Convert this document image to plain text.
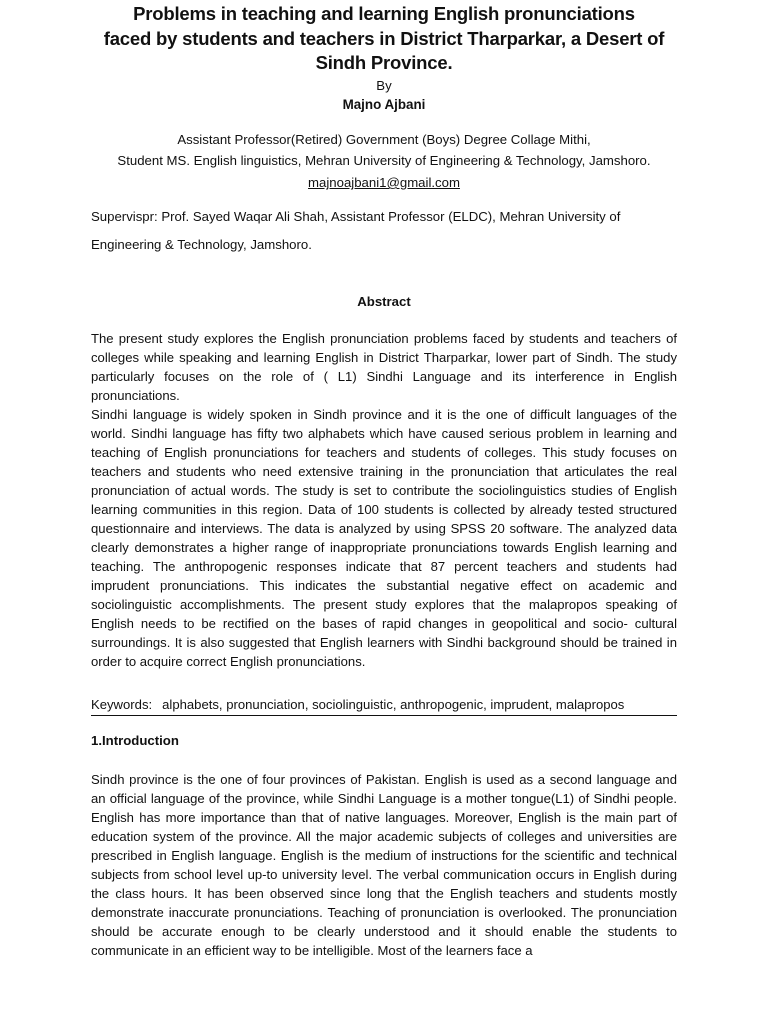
Problems in teaching and learning English pronunciations
faced by students and teachers in District Tharparkar, a Desert of
Sindh Province.
By
Majno Ajbani
Assistant Professor(Retired) Government (Boys) Degree Collage Mithi,
Student MS. English linguistics, Mehran University of Engineering & Technology, Jamshoro.
majnoajbani1@gmail.com
Supervispr: Prof. Sayed Waqar Ali Shah, Assistant Professor (ELDC), Mehran University of Engineering & Technology, Jamshoro.
Abstract

The present study explores the English pronunciation problems faced by students and teachers of colleges while speaking and learning English in District Tharparkar, lower part of Sindh. The study particularly focuses on the role of ( L1) Sindhi Language and its interference in English pronunciations.

Sindhi language is widely spoken in Sindh province and it is the one of difficult languages of the world. Sindhi language has fifty two alphabets which have caused serious problem in learning and teaching of English pronunciations for teachers and students of colleges. This study focuses on teachers and students who need extensive training in the pronunciation that articulates the real pronunciation of actual words. The study is set to contribute the sociolinguistics studies of English learning communities in this region. Data of 100 students is collected by already tested structured questionnaire and interviews. The data is analyzed by using SPSS 20 software. The analyzed data clearly demonstrates a higher range of inappropriate pronunciations towards English learning and teaching. The anthropogenic responses indicate that 87 percent teachers and students had imprudent pronunciations. This indicates the substantial negative effect on academic and sociolinguistic accomplishments. The present study explores that the malapropos speaking of English needs to be rectified on the bases of rapid changes in geopolitical and socio- cultural surroundings. It is also suggested that English learners with Sindhi background should be trained in order to acquire correct English pronunciations.

Keywords: alphabets, pronunciation, sociolinguistic, anthropogenic, imprudent, malapropos
1.Introduction

Sindh province is the one of four provinces of Pakistan. English is used as a second language and an official language of the province, while Sindhi Language is a mother tongue(L1) of Sindhi people. English has more importance than that of native languages. Moreover, English is the main part of education system of the province. All the major academic subjects of colleges and universities are prescribed in English language. English is the medium of instructions for the scientific and technical subjects from school level up-to university level. The verbal communication occurs in English during the class hours. It has been observed since long that the English teachers and students mostly demonstrate inaccurate pronunciations. Teaching of pronunciation is overlooked. The pronunciation should be accurate enough to be clearly understood and it should enable the students to communicate in an efficient way to be intelligible. Most of the learners face a
